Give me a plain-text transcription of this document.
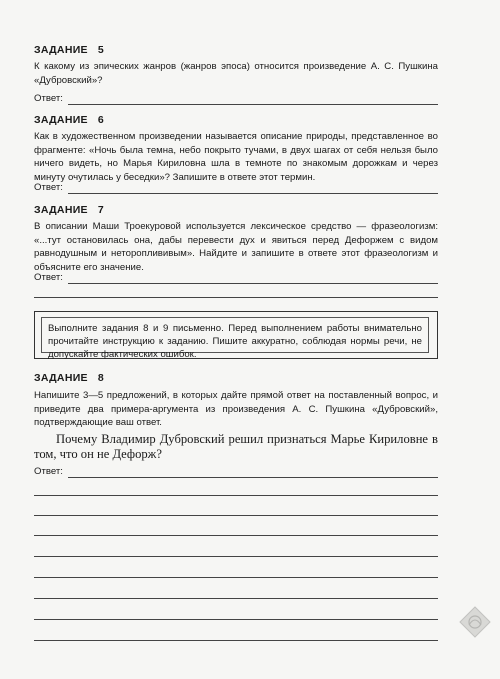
ЗАДАНИЕ 5

К какому из эпических жанров (жанров эпоса) относится произведение А. С. Пушкина «Дубровский»?

Ответ:
ЗАДАНИЕ 6

Как в художественном произведении называется описание природы, представленное во фрагменте: «Ночь была темна, небо покрыто тучами, в двух шагах от себя нельзя было ничего видеть, но Марья Кириловна шла в темноте по знакомым дорожкам и через минуту очутилась у беседки»? Запишите в ответе этот термин.

Ответ:
ЗАДАНИЕ 7

В описании Маши Троекуровой используется лексическое средство — фразеологизм: «...тут остановилась она, дабы перевести дух и явиться перед Дефоржем с видом равнодушным и нетороплививым». Найдите и запишите в ответе этот фразеологизм и объясните его значение.

Ответ:
Выполните задания 8 и 9 письменно. Перед выполнением работы внимательно прочитайте инструкцию к заданию. Пишите аккуратно, соблюдая нормы речи, не допускайте фактических ошибок.
ЗАДАНИЕ 8

Напишите 3—5 предложений, в которых дайте прямой ответ на поставленный вопрос, и приведите два примера-аргумента из произведения А. С. Пушкина «Дубровский», подтверждающие ваш ответ.

Почему Владимир Дубровский решил признаться Марье Кириловне в том, что он не Дефорж?

Ответ:
